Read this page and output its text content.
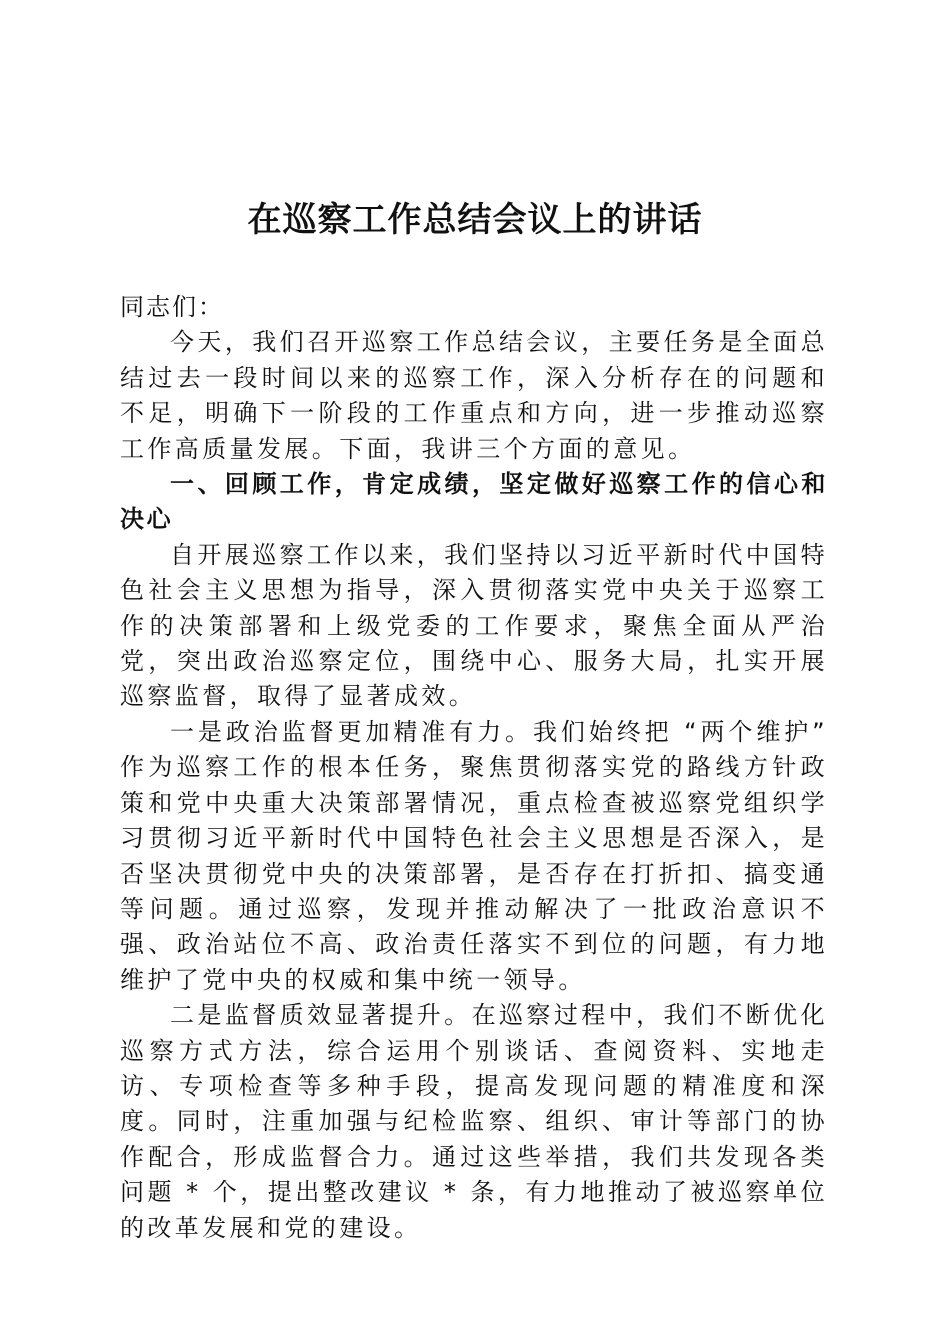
在巡察工作总结会议上的讲话

同志们：

今天，我们召开巡察工作总结会议，主要任务是全面总结过去一段时间以来的巡察工作，深入分析存在的问题和不足，明确下一阶段的工作重点和方向，进一步推动巡察工作高质量发展。下面，我讲三个方面的意见。

一、回顾工作，肯定成绩，坚定做好巡察工作的信心和决心

自开展巡察工作以来，我们坚持以习近平新时代中国特色社会主义思想为指导，深入贯彻落实党中央关于巡察工作的决策部署和上级党委的工作要求，聚焦全面从严治党，突出政治巡察定位，围绕中心、服务大局，扎实开展巡察监督，取得了显著成效。

一是政治监督更加精准有力。我们始终把 “两个维护” 作为巡察工作的根本任务，聚焦贯彻落实党的路线方针政策和党中央重大决策部署情况，重点检查被巡察党组织学习贯彻习近平新时代中国特色社会主义思想是否深入，是否坚决贯彻党中央的决策部署，是否存在打折扣、搞变通等问题。通过巡察，发现并推动解决了一批政治意识不强、政治站位不高、政治责任落实不到位的问题，有力地维护了党中央的权威和集中统一领导。

二是监督质效显著提升。在巡察过程中，我们不断优化巡察方式方法，综合运用个别谈话、查阅资料、实地走访、专项检查等多种手段，提高发现问题的精准度和深度。同时，注重加强与纪检监察、组织、审计等部门的协作配合，形成监督合力。通过这些举措，我们共发现各类问题 * 个，提出整改建议 * 条，有力地推动了被巡察单位的改革发展和党的建设。
